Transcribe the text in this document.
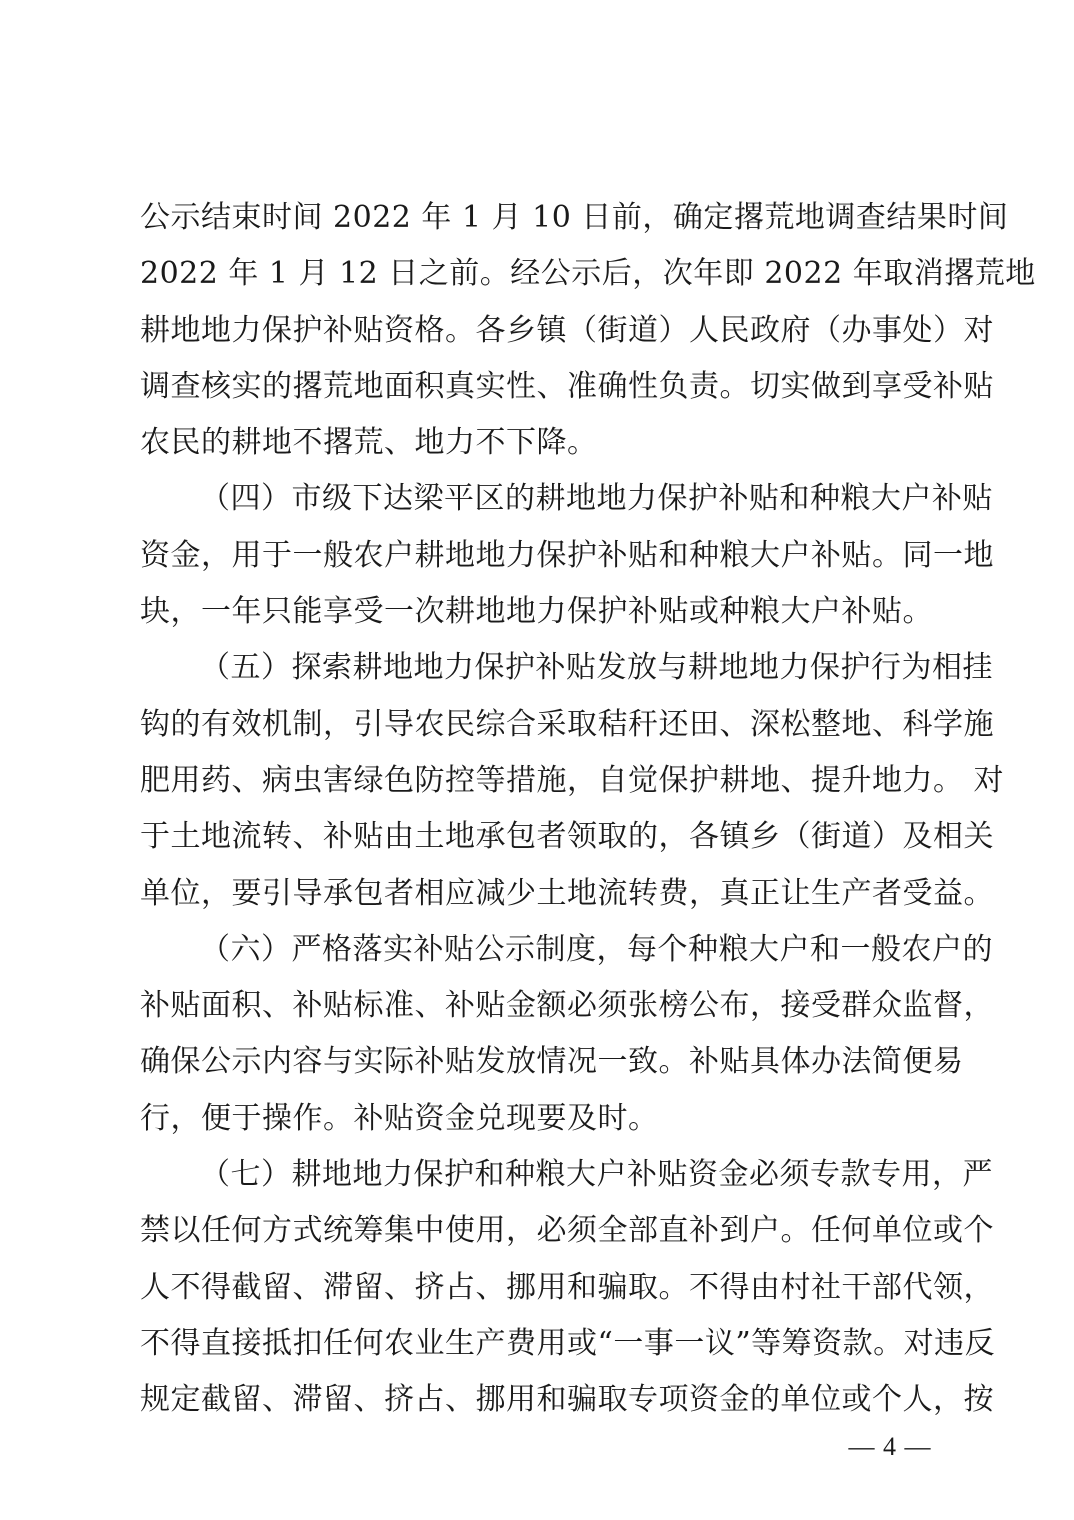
公示结束时间 2022 年 1 月 10 日前，确定撂荒地调查结果时间
2022 年 1 月 12 日之前。经公示后，次年即 2022 年取消撂荒地
耕地地力保护补贴资格。各乡镇（街道）人民政府（办事处）对
调查核实的撂荒地面积真实性、准确性负责。切实做到享受补贴
农民的耕地不撂荒、地力不下降。
（四）市级下达梁平区的耕地地力保护补贴和种粮大户补贴
资金，用于一般农户耕地地力保护补贴和种粮大户补贴。同一地
块，一年只能享受一次耕地地力保护补贴或种粮大户补贴。
（五）探索耕地地力保护补贴发放与耕地地力保护行为相挂
钩的有效机制，引导农民综合采取秸秆还田、深松整地、科学施
肥用药、病虫害绿色防控等措施，自觉保护耕地、提升地力。 对
于土地流转、补贴由土地承包者领取的，各镇乡（街道）及相关
单位，要引导承包者相应减少土地流转费，真正让生产者受益。
（六）严格落实补贴公示制度，每个种粮大户和一般农户的
补贴面积、补贴标准、补贴金额必须张榜公布，接受群众监督，
确保公示内容与实际补贴发放情况一致。补贴具体办法简便易
行，便于操作。补贴资金兑现要及时。
（七）耕地地力保护和种粮大户补贴资金必须专款专用，严
禁以任何方式统筹集中使用，必须全部直补到户。任何单位或个
人不得截留、滞留、挤占、挪用和骗取。不得由村社干部代领，
不得直接抵扣任何农业生产费用或“一事一议”等筹资款。对违反
规定截留、滞留、挤占、挪用和骗取专项资金的单位或个人，按
— 4 —
